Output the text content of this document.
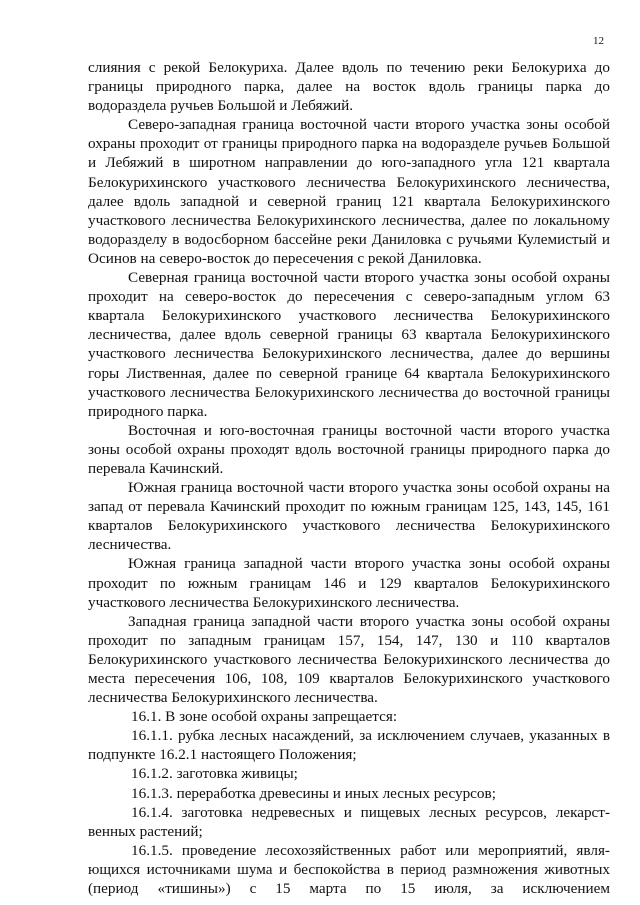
12

слияния с рекой Белокуриха. Далее вдоль по течению реки Белокуриха до границы природного парка, далее на восток вдоль границы парка до водораздела ручьев Большой и Лебяжий.

Северо-западная граница восточной части второго участка зоны особой охраны проходит от границы природного парка на водоразделе ручьев Большой и Лебяжий в широтном направлении до юго-западного угла 121 квартала Белокурихинского участкового лесничества Белокурихинского лесничества, далее вдоль западной и северной границ 121 квартала Белокурихинского участкового лесничества Белокурихинского лесничества, далее по локальному водоразделу в водосборном бассейне реки Даниловка с ручьями Кулемистый и Осинов на северо-восток до пересечения с рекой Даниловка.

Северная граница восточной части второго участка зоны особой охраны проходит на северо-восток до пересечения с северо-западным углом 63 квартала Белокурихинского участкового лесничества Белокурихинского лесничества, далее вдоль северной границы 63 квартала Белокурихинского участкового лесничества Белокурихинского лесничества, далее до вершины горы Лиственная, далее по северной границе 64 квартала Белокурихинского участкового лесничества Белокурихинского лесничества до восточной границы природного парка.

Восточная и юго-восточная границы восточной части второго участка зоны особой охраны проходят вдоль восточной границы природного парка до перевала Качинский.

Южная граница восточной части второго участка зоны особой охраны на запад от перевала Качинский проходит по южным границам 125, 143, 145, 161 кварталов Белокурихинского участкового лесничества Белокурихинского лесничества.

Южная граница западной части второго участка зоны особой охраны проходит по южным границам 146 и 129 кварталов Белокурихинского участкового лесничества Белокурихинского лесничества.

Западная граница западной части второго участка зоны особой охраны проходит по западным границам 157, 154, 147, 130 и 110 кварталов Белокурихинского участкового лесничества Белокурихинского лесничества до места пересечения 106, 108, 109 кварталов Белокурихинского участкового лесничества Белокурихинского лесничества.

16.1. В зоне особой охраны запрещается:

16.1.1. рубка лесных насаждений, за исключением случаев, указанных в подпункте 16.2.1 настоящего Положения;

16.1.2. заготовка живицы;

16.1.3. переработка древесины и иных лесных ресурсов;

16.1.4. заготовка недревесных и пищевых лесных ресурсов, лекарст-венных растений;

16.1.5. проведение лесохозяйственных работ или мероприятий, явля-ющихся источниками шума и беспокойства в период размножения животных (период «тишины») с 15 марта по 15 июля, за исключением
